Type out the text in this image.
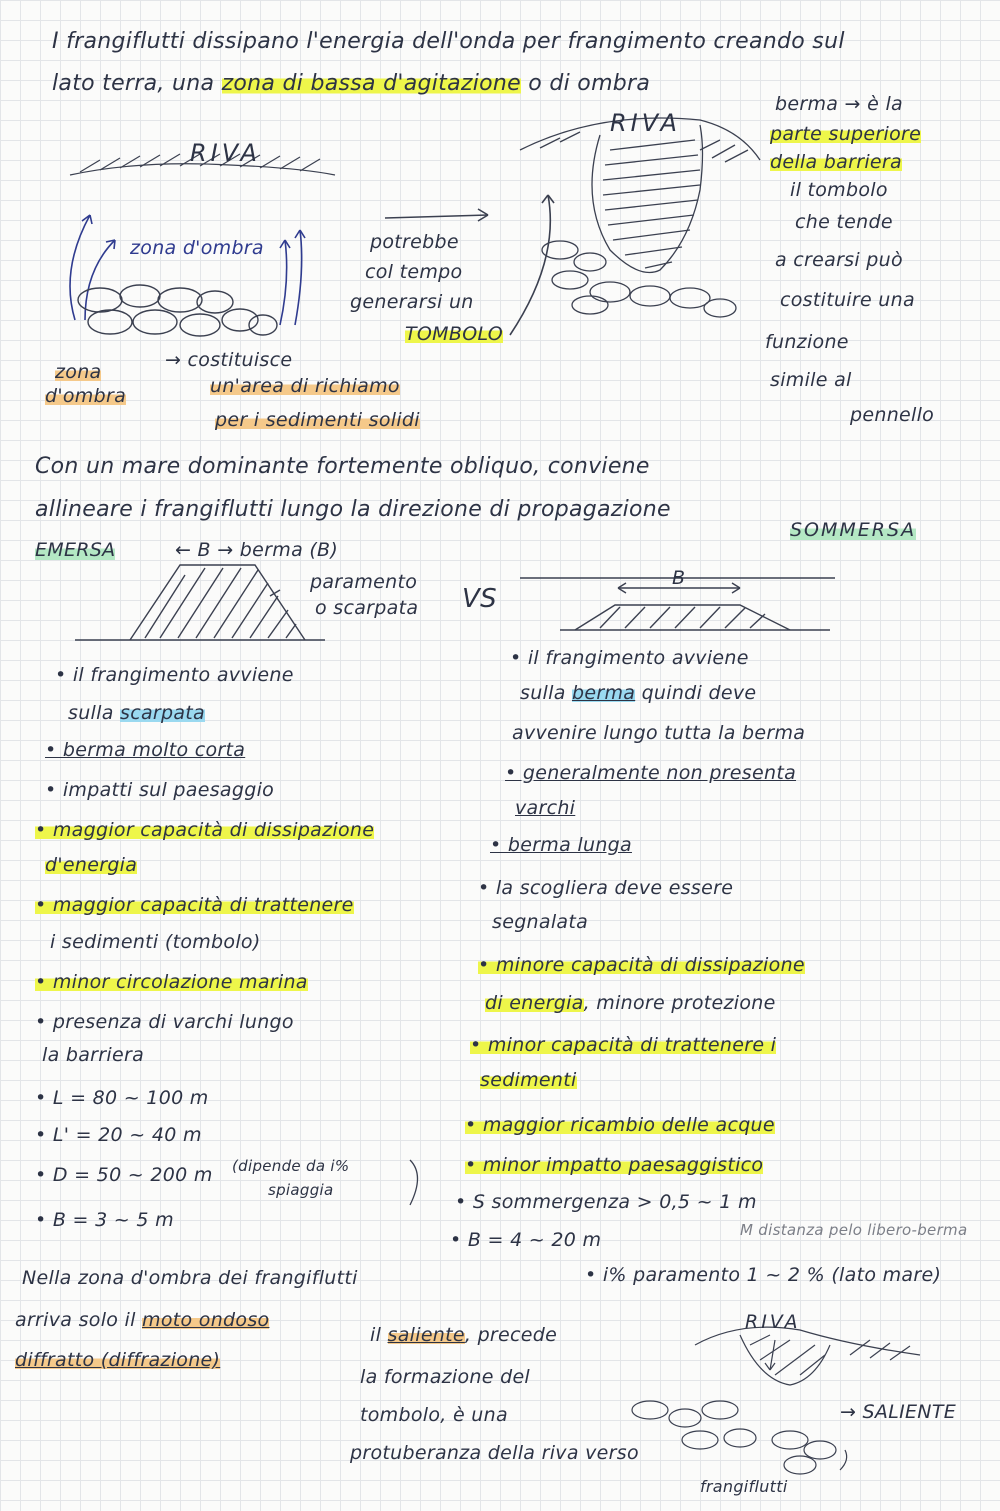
I frangiflutti dissipano l'energia dell'onda per frangimento creando sul
lato terra, una zona di bassa d'agitazione o di ombra
RIVA
RIVA
zona d'ombra	potrebbe
col tempo
generarsi un
TOMBOLO
berma → è la
parte superiore
della barriera
il tombolo
che tende
a crearsi può
costituire una
funzione
simile al
pennello
zona
d'ombra
→ costituisce
un'area di richiamo
per i sedimenti solidi
Con un mare dominante fortemente obliquo, conviene
allineare i frangiflutti lungo la direzione di propagazione
EMERSA	← B → berma (B)
paramento
o scarpata VS
SOMMERSA
B
• il frangimento avviene
sulla scarpata
• berma molto corta
• impatti sul paesaggio
• maggior capacità di dissipazione
d'energia
• maggior capacità di trattenere
i sedimenti (tombolo)
• minor circolazione marina
• presenza di varchi lungo
la barriera
• L = 80 ~ 100 m
• L' = 20 ~ 40 m
• D = 50 ~ 200 m (dipende da i%
spiaggia
• B = 3 ~ 5 m
• il frangimento avviene
sulla berma quindi deve
avvenire lungo tutta la berma
• generalmente non presenta
varchi
• berma lunga
• la scogliera deve essere
segnalata
• minore capacità di dissipazione
di energia, minore protezione
• minor capacità di trattenere i
sedimenti
• maggior ricambio delle acque
• minor impatto paesaggistico
• S sommergenza > 0,5 ~ 1 m
• B = 4 ~ 20 m	M distanza pelo libero-berma
• i% paramento 1 ~ 2 % (lato mare)
Nella zona d'ombra dei frangiflutti
arriva solo il moto ondoso
diffratto (diffrazione)
il saliente, precede
la formazione del
tombolo, è una
protuberanza della riva verso
RIVA
→ SALIENTE
frangiflutti
